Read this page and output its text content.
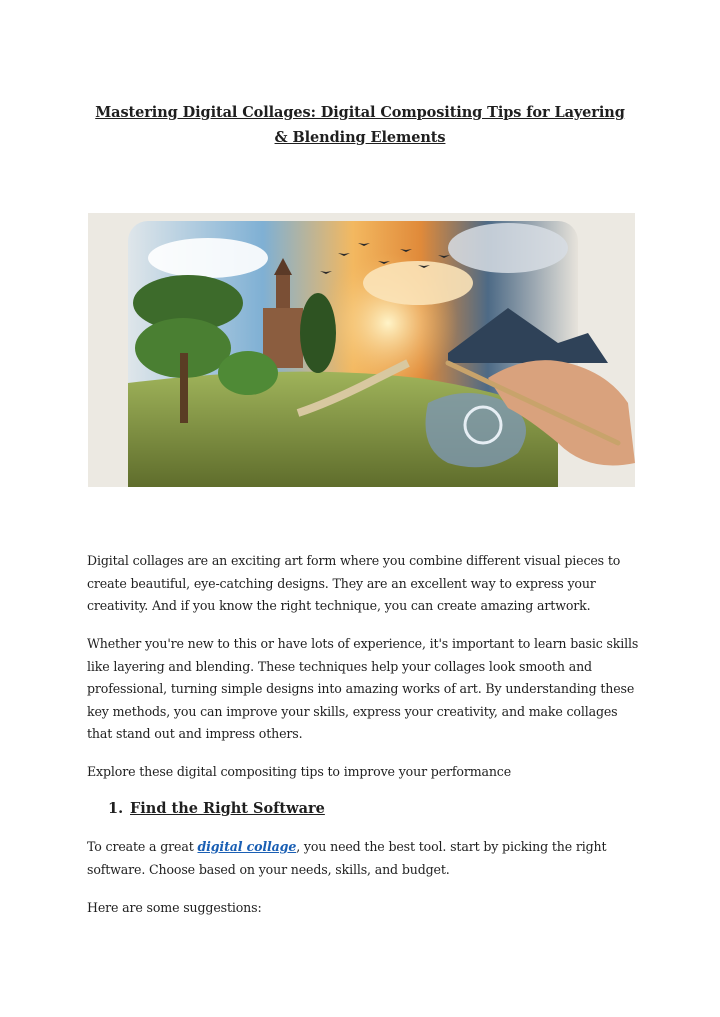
Mastering Digital Collages: Digital Compositing Tips for Layering & Blending Elements

Digital collages are an exciting art form where you combine different visual pieces to create beautiful, eye-catching designs. They are an excellent way to express your creativity. And if you know the right technique, you can create amazing artwork.

Whether you're new to this or have lots of experience, it's important to learn basic skills like layering and blending. These techniques help your collages look smooth and professional, turning simple designs into amazing works of art. By understanding these key methods, you can improve your skills, express your creativity, and make collages that stand out and impress others.

Explore these digital compositing tips to improve your performance

1. Find the Right Software

To create a great digital collage, you need the best tool. start by picking the right software. Choose based on your needs, skills, and budget.

Here are some suggestions:
